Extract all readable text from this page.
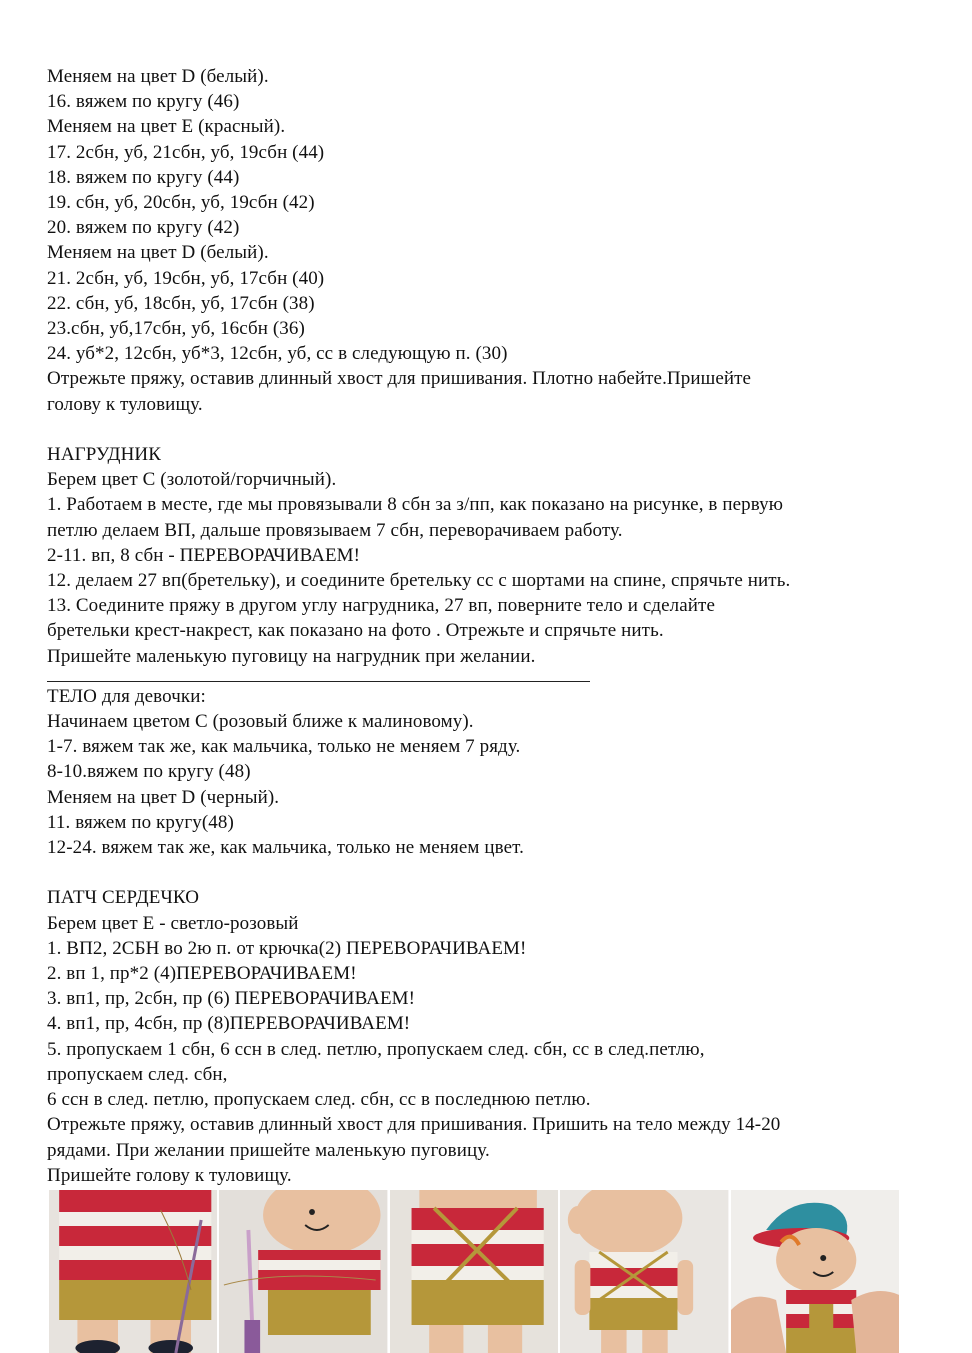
Меняем на цвет D (белый).
16. вяжем по кругу (46)
Меняем на цвет E (красный).
17. 2сбн, уб, 21сбн, уб, 19сбн (44)
18. вяжем по кругу (44)
19. сбн, уб, 20сбн, уб, 19сбн (42)
20. вяжем по кругу (42)
Меняем на цвет D (белый).
21. 2сбн, уб, 19сбн, уб, 17сбн (40)
22. сбн, уб, 18сбн, уб, 17сбн (38)
23.сбн, уб,17сбн, уб, 16сбн (36)
24. уб*2, 12сбн, уб*3, 12сбн, уб, сс в следующую п. (30)
Отрежьте пряжу, оставив длинный хвост для пришивания. Плотно набейте.Пришейте
голову к туловищу.
НАГРУДНИК
Берем цвет С (золотой/горчичный).
1. Работаем в месте, где мы провязывали 8 сбн за з/пп, как показано на рисунке, в первую
петлю делаем ВП, дальше провязываем 7 сбн, переворачиваем работу.
2-11. вп, 8 сбн - ПЕРЕВОРАЧИВАЕМ!
12. делаем 27 вп(бретельку), и соедините бретельку сс с шортами на спине, спрячьте нить.
13. Соедините пряжу в другом углу нагрудника, 27 вп, поверните тело и сделайте
бретельки крест-накрест, как показано на фото . Отрежьте и спрячьте нить.
Пришейте маленькую пуговицу на нагрудник при желании.
ТЕЛО для девочки:
Начинаем цветом С (розовый ближе к малиновому).
1-7. вяжем так же, как мальчика, только не меняем 7 ряду.
8-10.вяжем по кругу (48)
Меняем на цвет D (черный).
11. вяжем по кругу(48)
12-24. вяжем так же, как мальчика, только не меняем цвет.
ПАТЧ СЕРДЕЧКО
Берем цвет Е - светло-розовый
1. ВП2, 2СБН во 2ю п. от крючка(2) ПЕРЕВОРАЧИВАЕМ!
2. вп 1, пр*2 (4)ПЕРЕВОРАЧИВАЕМ!
3. вп1, пр, 2сбн, пр (6) ПЕРЕВОРАЧИВАЕМ!
4. вп1, пр, 4сбн, пр (8)ПЕРЕВОРАЧИВАЕМ!
5. пропускаем 1 сбн, 6 ссн в след. петлю, пропускаем след. сбн, сс в след.петлю,
пропускаем след. сбн,
6 ссн в след. петлю, пропускаем след. сбн, сс в последнюю петлю.
Отрежьте пряжу, оставив длинный хвост для пришивания. Пришить на тело между 14-20
рядами. При желании пришейте маленькую пуговицу.
Пришейте голову к туловищу.
